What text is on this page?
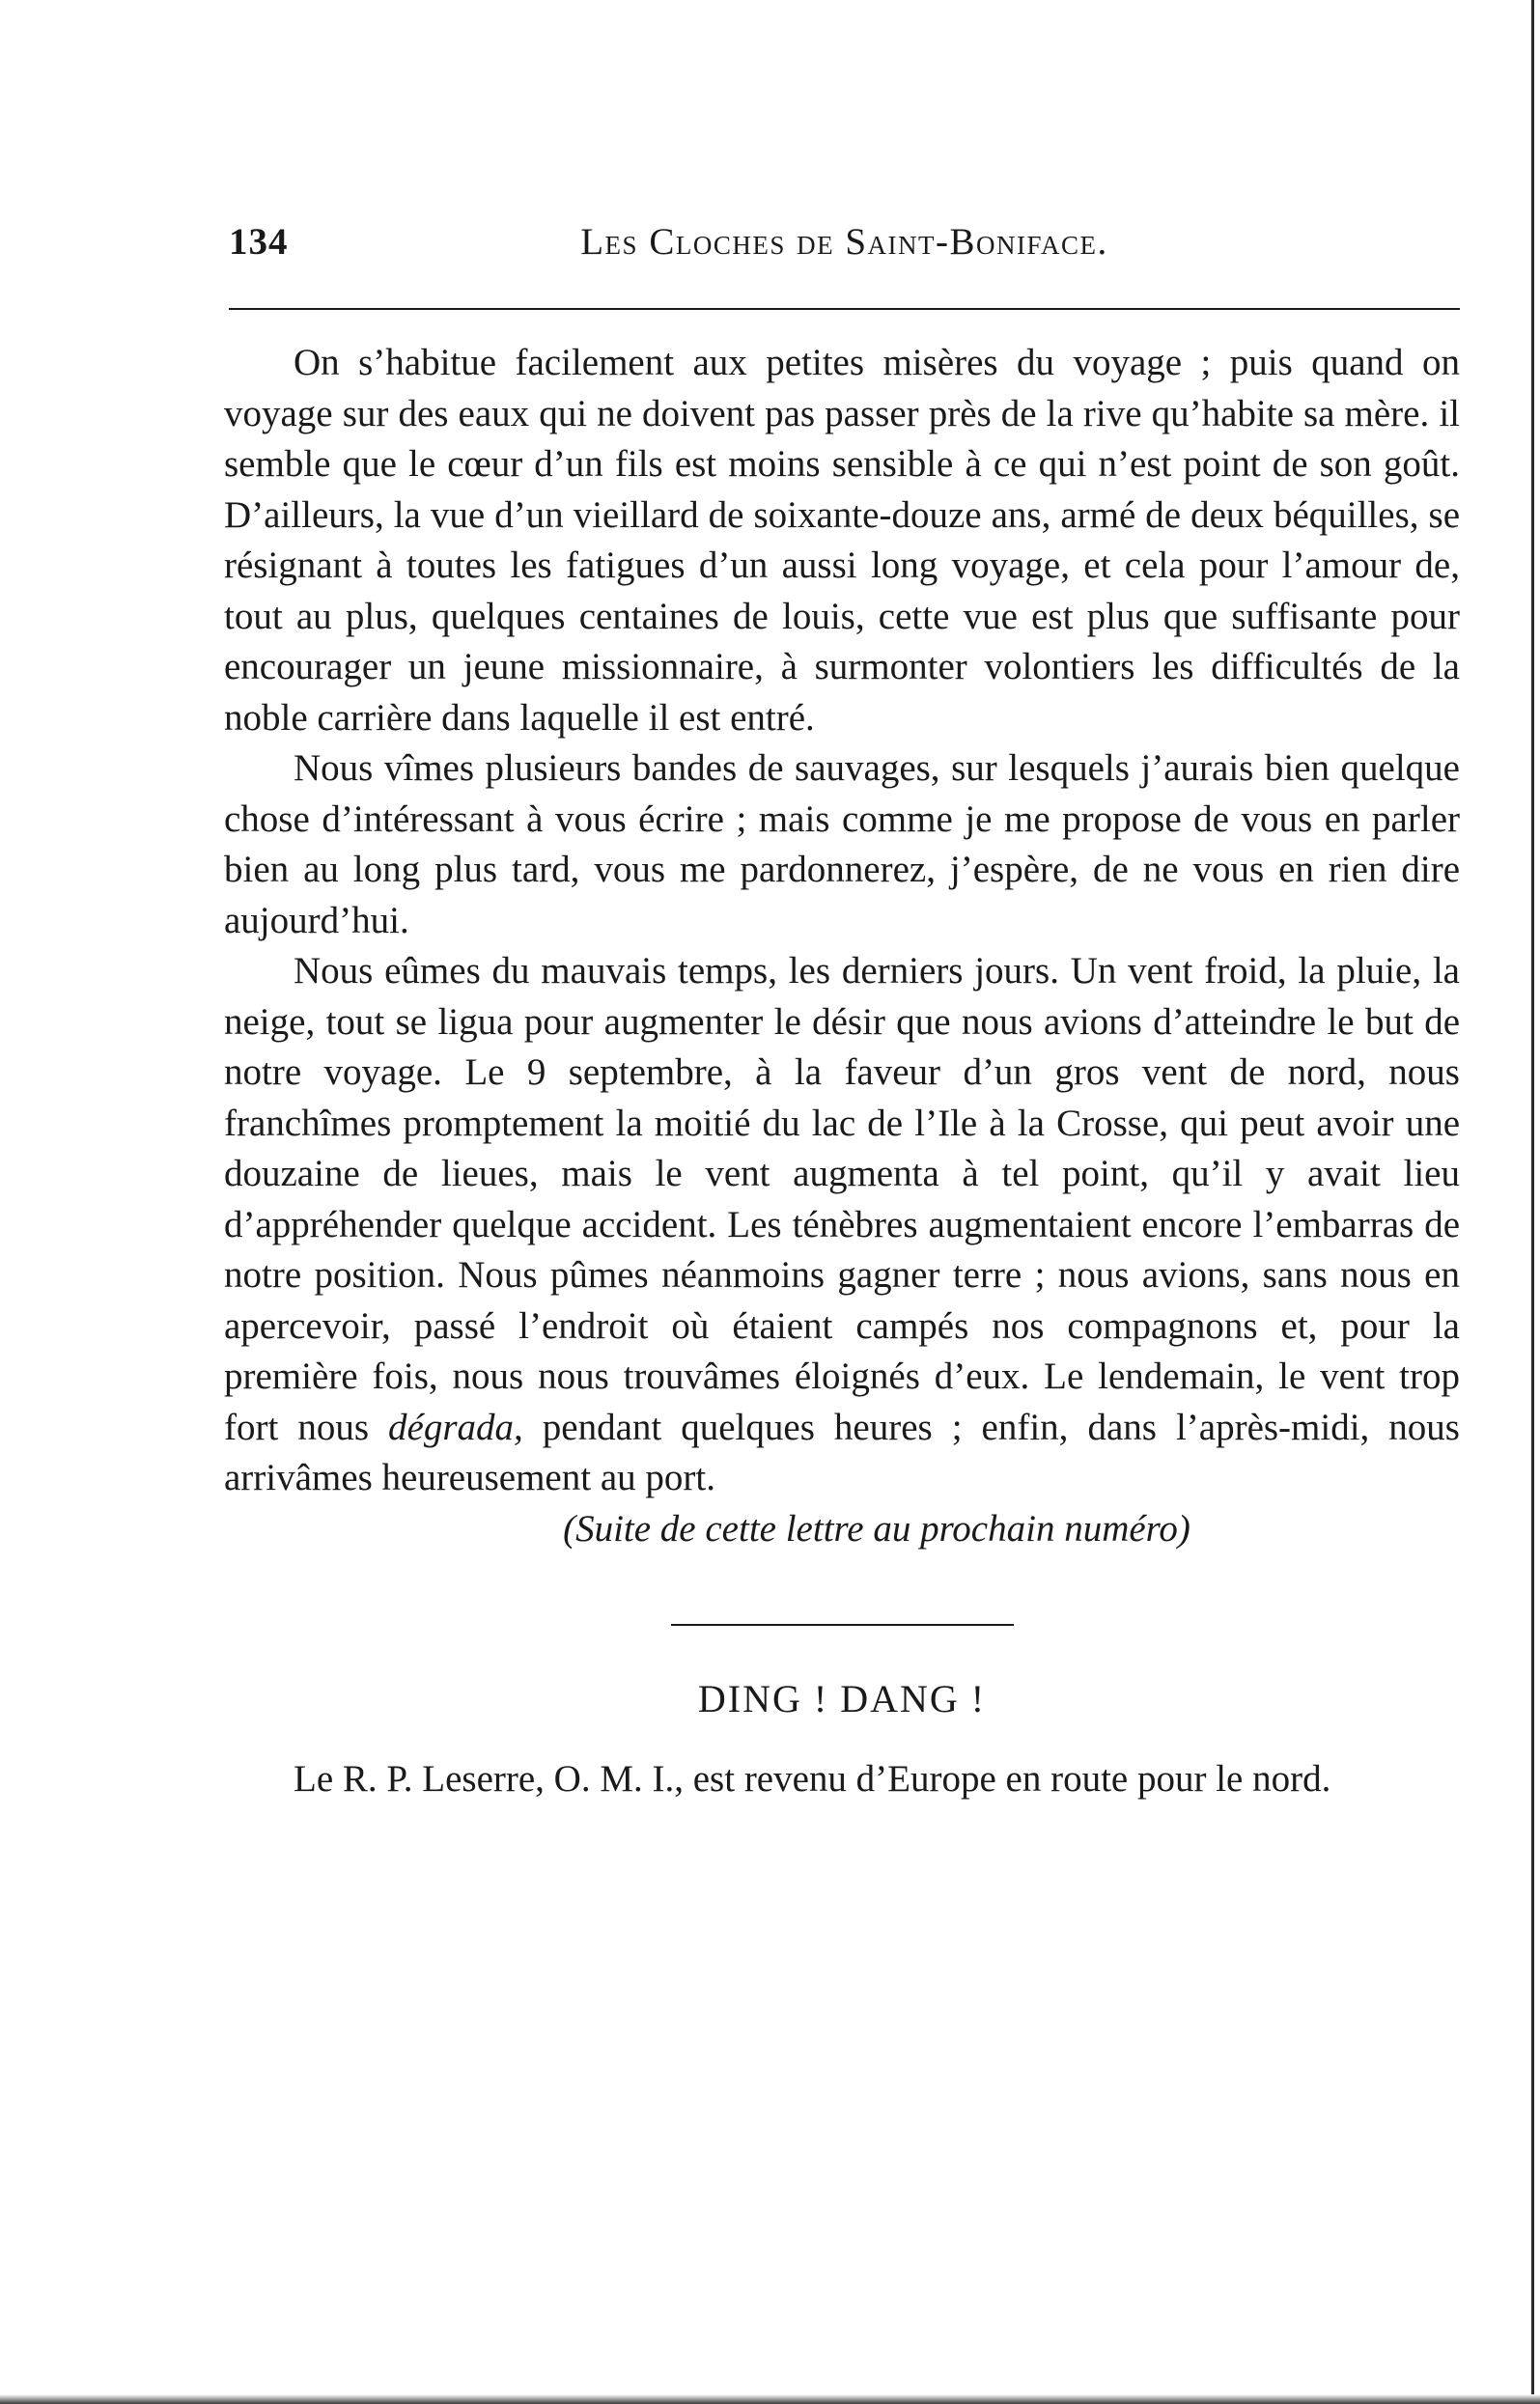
134	Les Cloches de Saint-Boniface.

On s’habitue facilement aux petites misères du voyage ; puis quand on voyage sur des eaux qui ne doivent pas passer près de la rive qu’habite sa mère. il semble que le cœur d’un fils est moins sensible à ce qui n’est point de son goût. D’ailleurs, la vue d’un vieillard de soixante-douze ans, armé de deux béquilles, se résignant à toutes les fatigues d’un aussi long voyage, et cela pour l’amour de, tout au plus, quelques centaines de louis, cette vue est plus que suffisante pour encourager un jeune missionnaire, à surmonter volontiers les difficultés de la noble carrière dans laquelle il est entré.

Nous vîmes plusieurs bandes de sauvages, sur lesquels j’aurais bien quelque chose d’intéressant à vous écrire ; mais comme je me propose de vous en parler bien au long plus tard, vous me pardonnerez, j’espère, de ne vous en rien dire aujourd’hui.

Nous eûmes du mauvais temps, les derniers jours. Un vent froid, la pluie, la neige, tout se ligua pour augmenter le désir que nous avions d’atteindre le but de notre voyage. Le 9 septembre, à la faveur d’un gros vent de nord, nous franchîmes promptement la moitié du lac de l’Ile à la Crosse, qui peut avoir une douzaine de lieues, mais le vent augmenta à tel point, qu’il y avait lieu d’appréhender quelque accident. Les ténèbres augmentaient encore l’embarras de notre position. Nous pûmes néanmoins gagner terre ; nous avions, sans nous en apercevoir, passé l’endroit où étaient campés nos compagnons et, pour la première fois, nous nous trouvâmes éloignés d’eux. Le lendemain, le vent trop fort nous dégrada, pendant quelques heures ; enfin, dans l’après-midi, nous arrivâmes heureusement au port.

(Suite de cette lettre au prochain numéro)

DING ! DANG !

Le R. P. Leserre, O. M. I., est revenu d’Europe en route pour le nord.
